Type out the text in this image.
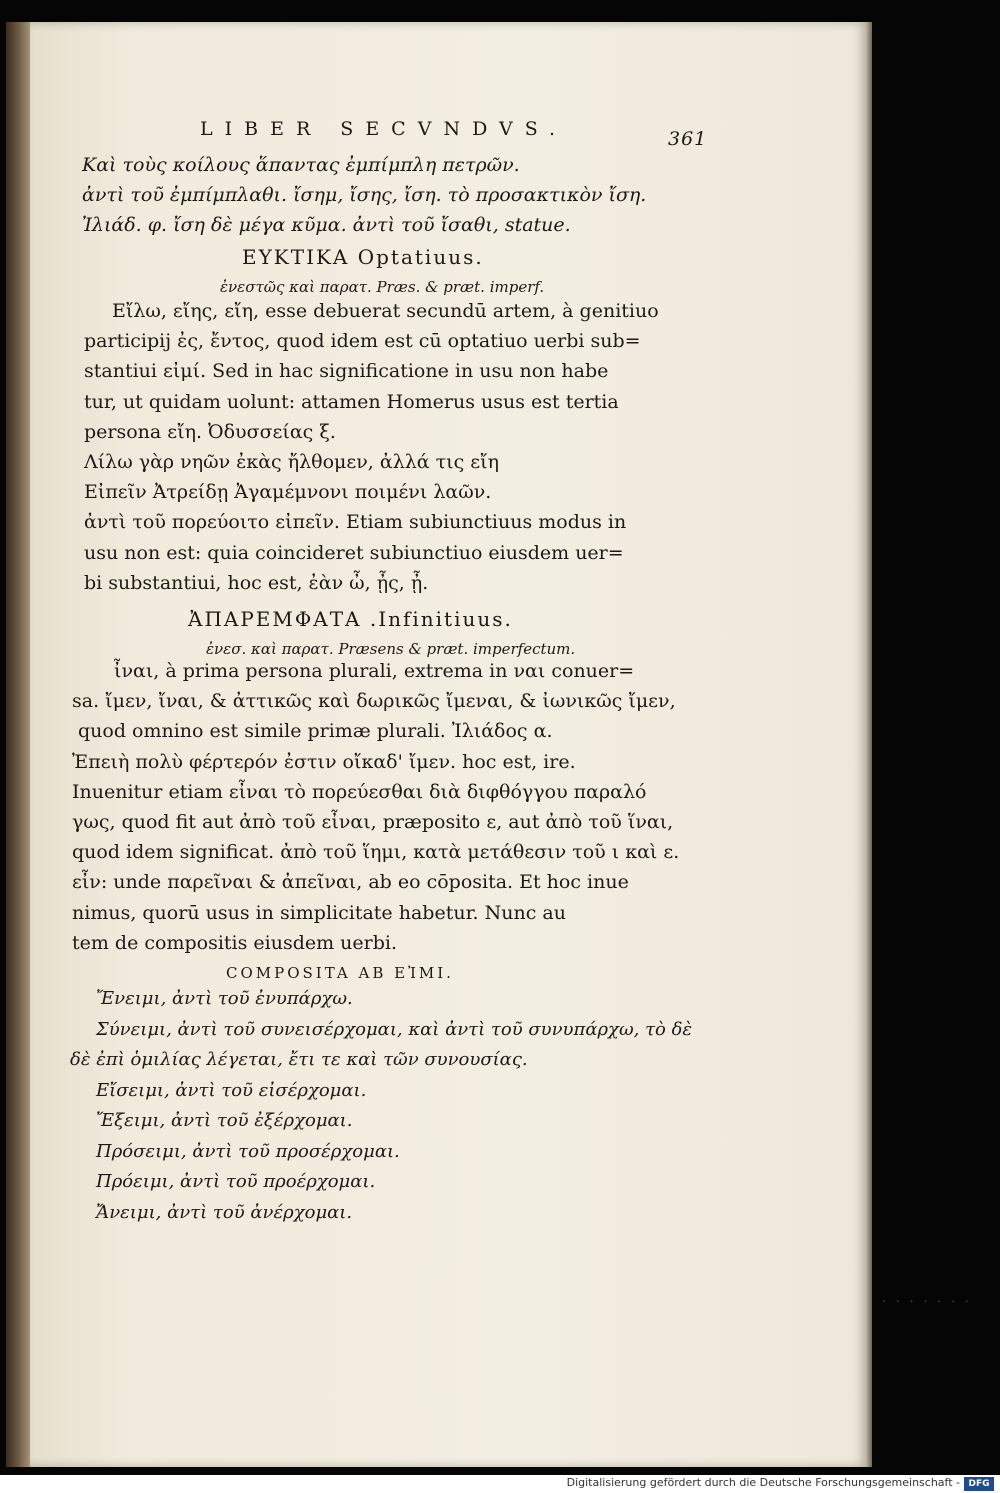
.......
LIBER SECVNDVS.	361
Καὶ τοὺς κοίλους ἅπαντας ἐμπίμπλη πετρῶν.
ἀντὶ τοῦ ἐμπίμπλαθι. ἴσημ, ἴσης, ἴση. τὸ προσακτικὸν ἴση.
Ἰλιάδ. φ. ἴση δὲ μέγα κῦμα. ἀντὶ τοῦ ἴσαθι, statue.
ΕΥΚΤΙΚΑ Optatiuus.
ἐνεστῶς καὶ παρατ. Præs. & præt. imperf.
Εἴλω, εἴης, εἴη, esse debuerat secundū artem, à genitiuo
participij ἐς, ἔντος, quod idem est cū optatiuo uerbi sub=
stantiui εἰμί. Sed in hac significatione in usu non habe
tur, ut quidam uolunt: attamen Homerus usus est tertia
persona εἴη. Ὀδυσσείας ξ.
Λίλω γὰρ νηῶν ἐκὰς ἤλθομεν, ἀλλά τις εἴη
Εἰπεῖν Ἀτρείδῃ Ἀγαμέμνονι ποιμένι λαῶν.
ἀντὶ τοῦ πορεύοιτο εἰπεῖν. Etiam subiunctiuus modus in
usu non est: quia coincideret subiunctiuo eiusdem uer=
bi substantiui, hoc est, ἐὰν ὦ, ᾖς, ᾖ.
ἈΠΑΡΕΜΦΑΤΑ .Infinitiuus.
ἐνεσ. καὶ παρατ. Præsens & præt. imperfectum.
ἶναι, à prima persona plurali, extrema in ναι conuer=
sa. ἴμεν, ἴναι, & ἀττικῶς καὶ δωρικῶς ἴμεναι, & ἰωνικῶς ἴμεν,
quod omnino est simile primæ plurali. Ἰλιάδος α.
Ἐπειὴ πολὺ φέρτερόν ἐστιν οἴκαδ' ἴμεν. hoc est, ire.
Inuenitur etiam εἶναι τὸ πορεύεσθαι διὰ διφθόγγου παραλό
γως, quod fit aut ἀπὸ τοῦ εἶναι, præposito ε, aut ἀπὸ τοῦ ἵναι,
quod idem significat. ἀπὸ τοῦ ἵημι, κατὰ μετάθεσιν τοῦ ι καὶ ε.
εἶν: unde παρεῖναι & ἀπεῖναι, ab eo cōposita. Et hoc inue
nimus, quorū usus in simplicitate habetur. Nunc au
tem de compositis eiusdem uerbi.
COMPOSITA AB ΕἸΜΙ.
Ἔνειμι, ἀντὶ τοῦ ἐνυπάρχω.
Σύνειμι, ἀντὶ τοῦ συνεισέρχομαι, καὶ ἀντὶ τοῦ συνυπάρχω, τὸ δὲ
δὲ ἐπὶ ὁμιλίας λέγεται, ἔτι τε καὶ τῶν συνουσίας.
Εἴσειμι, ἀντὶ τοῦ εἰσέρχομαι.
Ἔξειμι, ἀντὶ τοῦ ἐξέρχομαι.
Πρόσειμι, ἀντὶ τοῦ προσέρχομαι.
Πρόειμι, ἀντὶ τοῦ προέρχομαι.
Ἄνειμι, ἀντὶ τοῦ ἀνέρχομαι.
Digitalisierung gefördert durch die Deutsche Forschungsgemeinschaft - DFG
